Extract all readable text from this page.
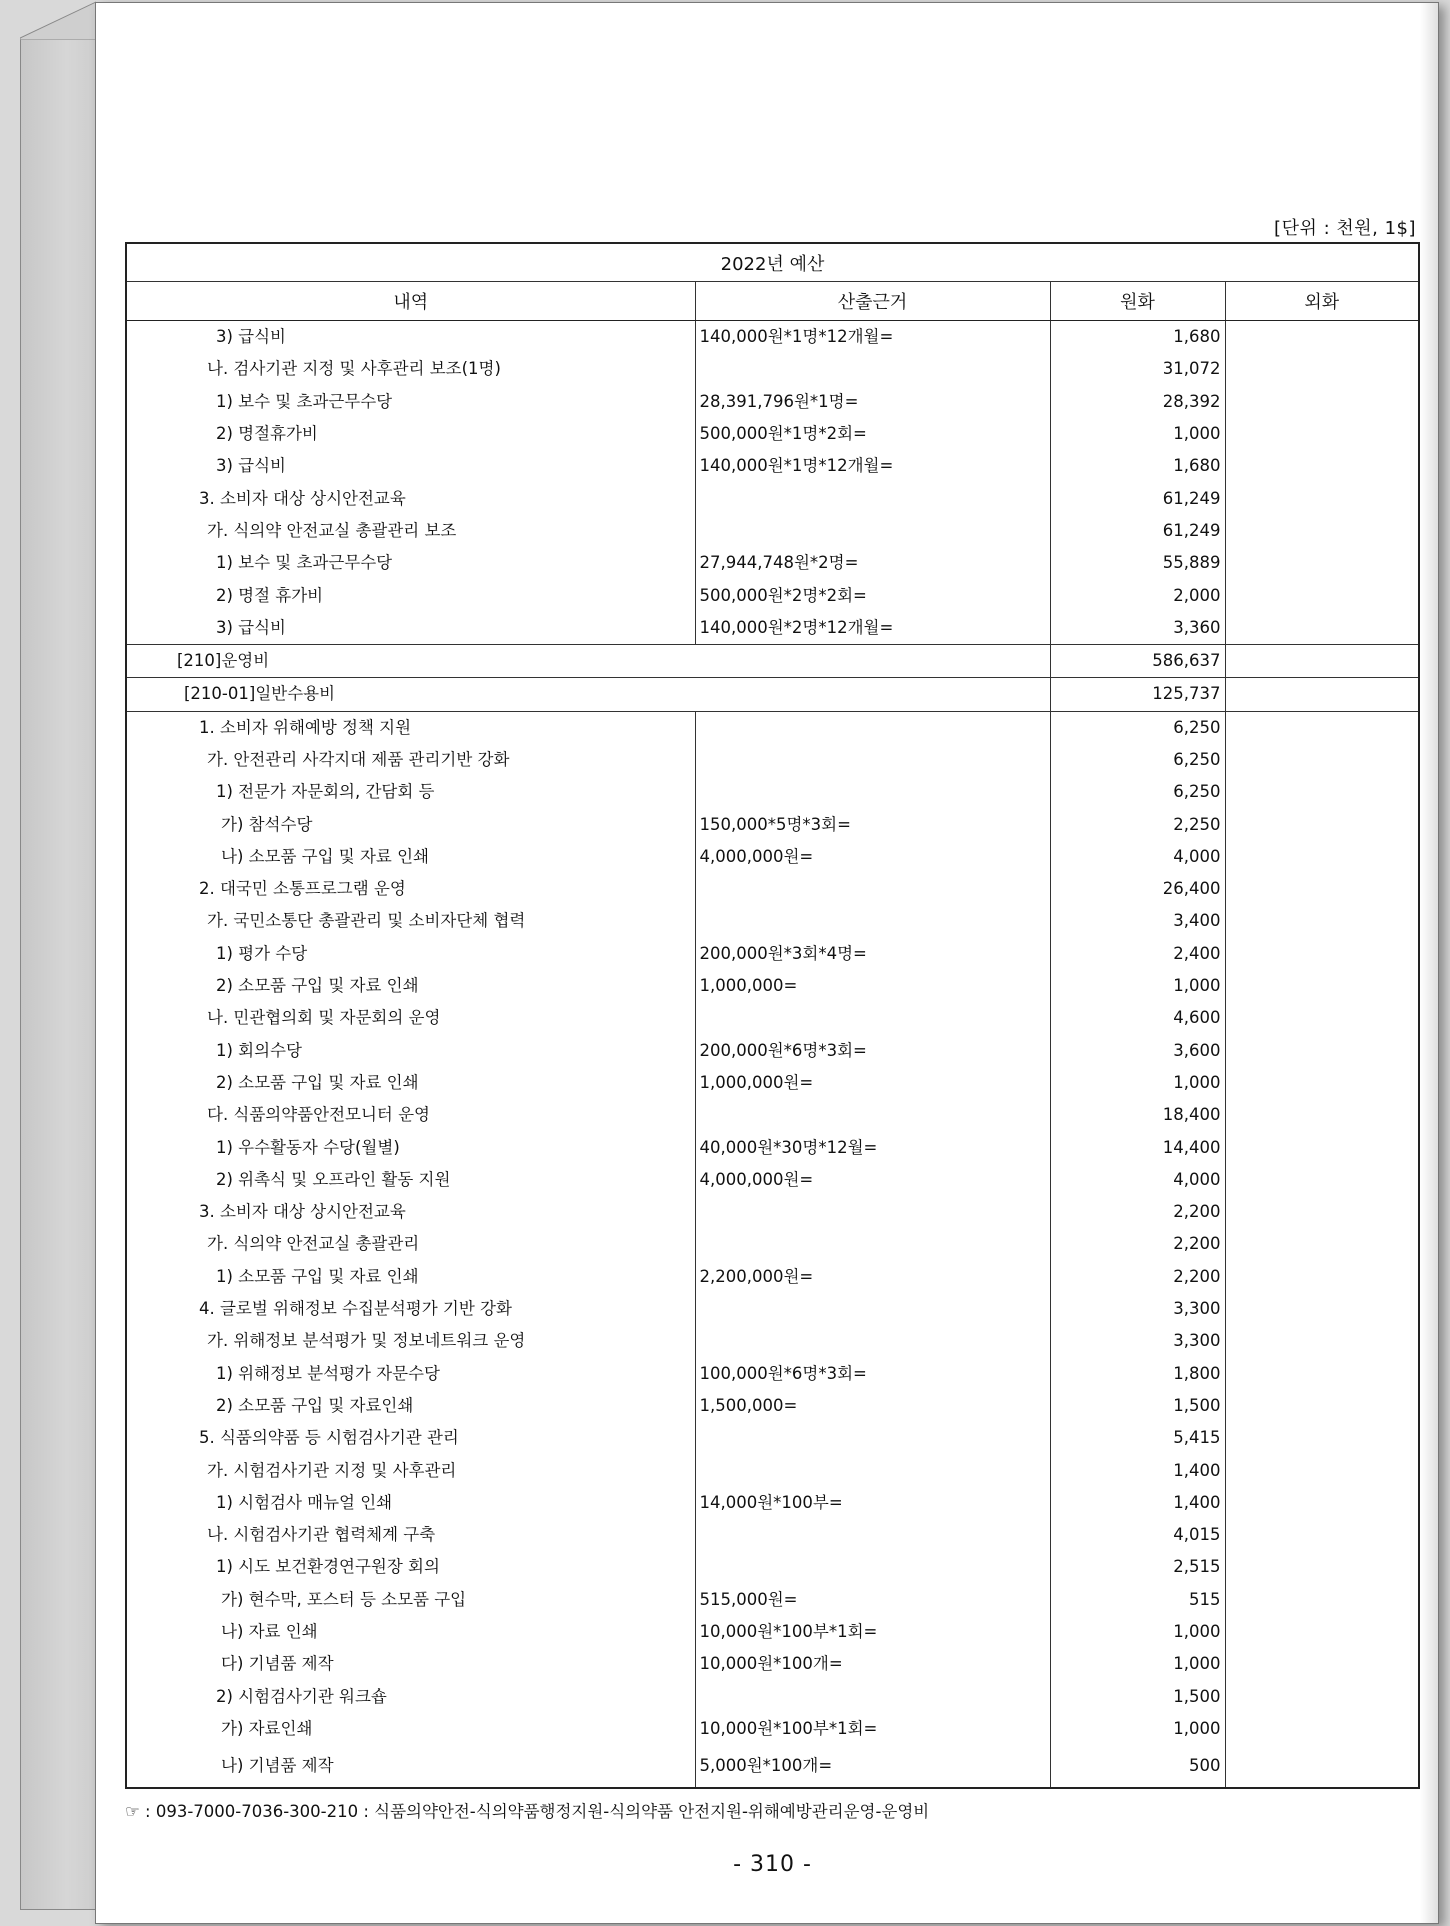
[단위 : 천원, 1$]
2022년 예산			
내역	산출근거	원화	외화
3) 급식비	140,000원*1명*12개월=	1,680	
나. 검사기관 지정 및 사후관리 보조(1명)		31,072	
1) 보수 및 초과근무수당	28,391,796원*1명=	28,392	
2) 명절휴가비	500,000원*1명*2회=	1,000	
3) 급식비	140,000원*1명*12개월=	1,680	
3. 소비자 대상 상시안전교육		61,249	
가. 식의약 안전교실 총괄관리 보조		61,249	
1) 보수 및 초과근무수당	27,944,748원*2명=	55,889	
2) 명절 휴가비	500,000원*2명*2회=	2,000	
3) 급식비	140,000원*2명*12개월=	3,360	
[210]운영비		586,637	
[210-01]일반수용비		125,737	
1. 소비자 위해예방 정책 지원		6,250	
가. 안전관리 사각지대 제품 관리기반 강화		6,250	
1) 전문가 자문회의, 간담회 등		6,250	
가) 참석수당	150,000*5명*3회=	2,250	
나) 소모품 구입 및 자료 인쇄	4,000,000원=	4,000	
2. 대국민 소통프로그램 운영		26,400	
가. 국민소통단 총괄관리 및 소비자단체 협력		3,400	
1) 평가 수당	200,000원*3회*4명=	2,400	
2) 소모품 구입 및 자료 인쇄	1,000,000=	1,000	
나. 민관협의회 및 자문회의 운영		4,600	
1) 회의수당	200,000원*6명*3회=	3,600	
2) 소모품 구입 및 자료 인쇄	1,000,000원=	1,000	
다. 식품의약품안전모니터 운영		18,400	
1) 우수활동자 수당(월별)	40,000원*30명*12월=	14,400	
2) 위촉식 및 오프라인 활동 지원	4,000,000원=	4,000	
3. 소비자 대상 상시안전교육		2,200	
가. 식의약 안전교실 총괄관리		2,200	
1) 소모품 구입 및 자료 인쇄	2,200,000원=	2,200	
4. 글로벌 위해정보 수집분석평가 기반 강화		3,300	
가. 위해정보 분석평가 및 정보네트워크 운영		3,300	
1) 위해정보 분석평가 자문수당	100,000원*6명*3회=	1,800	
2) 소모품 구입 및 자료인쇄	1,500,000=	1,500	
5. 식품의약품 등 시험검사기관 관리		5,415	
가. 시험검사기관 지정 및 사후관리		1,400	
1) 시험검사 매뉴얼 인쇄	14,000원*100부=	1,400	
나. 시험검사기관 협력체계 구축		4,015	
1) 시도 보건환경연구원장 회의		2,515	
가) 현수막, 포스터 등 소모품 구입	515,000원=	515	
나) 자료 인쇄	10,000원*100부*1회=	1,000	
다) 기념품 제작	10,000원*100개=	1,000	
2) 시험검사기관 워크숍		1,500	
가) 자료인쇄	10,000원*100부*1회=	1,000	
나) 기념품 제작	5,000원*100개=	500	
☞ : 093-7000-7036-300-210 : 식품의약안전-식의약품행정지원-식의약품 안전지원-위해예방관리운영-운영비
- 310 -
